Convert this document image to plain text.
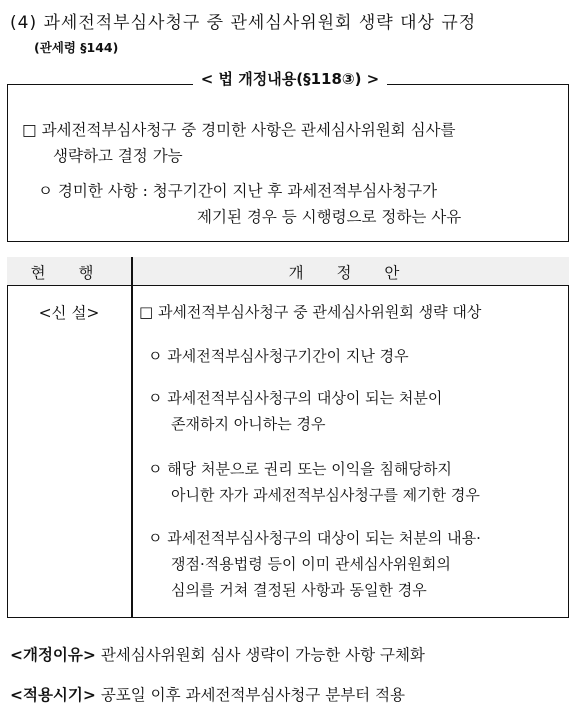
(4) 과세전적부심사청구 중 관세심사위원회 생략 대상 규정
(관세령 §144)
< 법 개정내용(§118③) >
□ 과세전적부심사청구 중 경미한 사항은 관세심사위원회 심사를
생략하고 결정 가능
ㅇ 경미한 사항 : 청구기간이 지난 후 과세전적부심사청구가
제기된 경우 등 시행령으로 정하는 사유
현 행	개 정 안
<신 설>	□ 과세전적부심사청구 중 관세심사위원회 생략 대상
ㅇ 과세전적부심사청구기간이 지난 경우
ㅇ 과세전적부심사청구의 대상이 되는 처분이
존재하지 아니하는 경우
ㅇ 해당 처분으로 권리 또는 이익을 침해당하지
아니한 자가 과세전적부심사청구를 제기한 경우
ㅇ 과세전적부심사청구의 대상이 되는 처분의 내용·
쟁점·적용법령 등이 이미 관세심사위원회의
심의를 거쳐 결정된 사항과 동일한 경우
<개정이유> 관세심사위원회 심사 생략이 가능한 사항 구체화
<적용시기> 공포일 이후 과세전적부심사청구 분부터 적용
